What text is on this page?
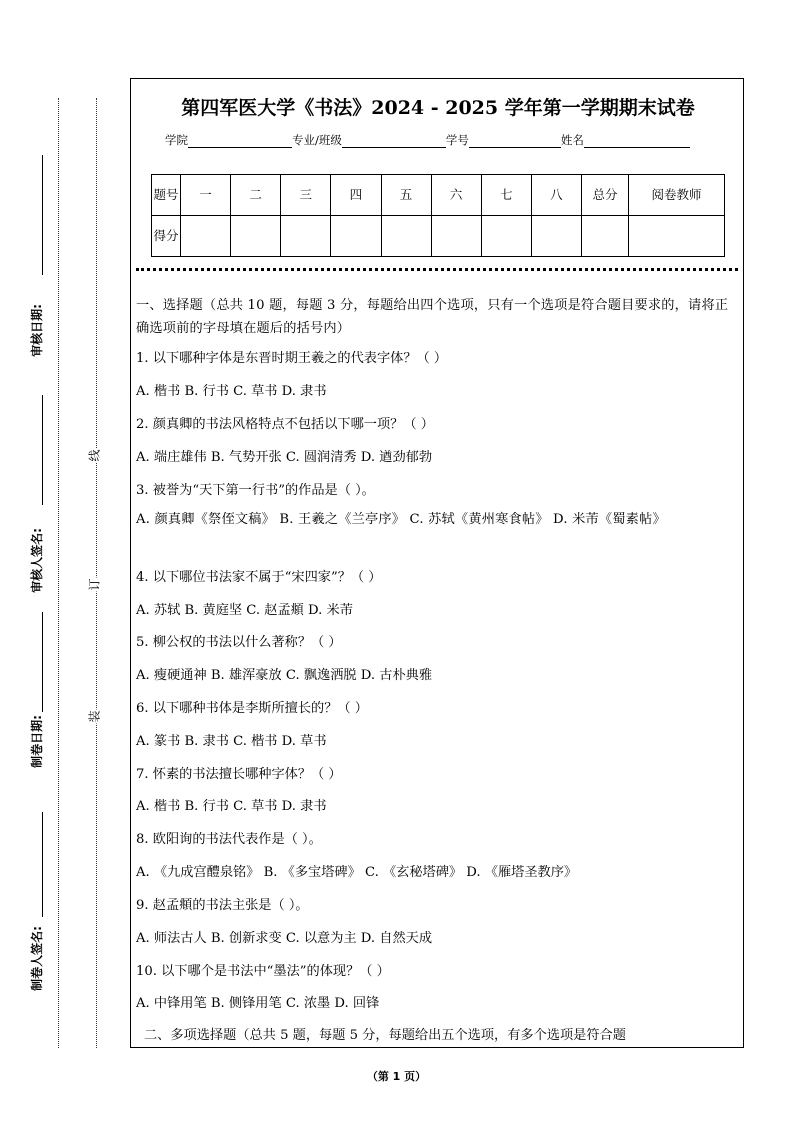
审核日期:
审核人签名:
制卷日期:
制卷人签名:
线
订
装
第四军医大学《书法》2024 - 2025 学年第一学期期末试卷
学院	专业/班级	学号	姓名
题号	一	二	三	四	五	六	七	八	总分	阅卷教师
得分										
一、选择题（总共 10 题，每题 3 分，每题给出四个选项，只有一个选项是符合题目要求的，请将正确选项前的字母填在题后的括号内）
1. 以下哪种字体是东晋时期王羲之的代表字体？（ ）
A. 楷书 B. 行书 C. 草书 D. 隶书
2. 颜真卿的书法风格特点不包括以下哪一项？（ ）
A. 端庄雄伟 B. 气势开张 C. 圆润清秀 D. 遒劲郁勃
3. 被誉为“天下第一行书”的作品是（ ）。
A. 颜真卿《祭侄文稿》 B. 王羲之《兰亭序》 C. 苏轼《黄州寒食帖》 D. 米芾《蜀素帖》
4. 以下哪位书法家不属于“宋四家”？（ ）
A. 苏轼 B. 黄庭坚 C. 赵孟頫 D. 米芾
5. 柳公权的书法以什么著称？（ ）
A. 瘦硬通神 B. 雄浑豪放 C. 飘逸洒脱 D. 古朴典雅
6. 以下哪种书体是李斯所擅长的？（ ）
A. 篆书 B. 隶书 C. 楷书 D. 草书
7. 怀素的书法擅长哪种字体？（ ）
A. 楷书 B. 行书 C. 草书 D. 隶书
8. 欧阳询的书法代表作是（ ）。
A. 《九成宫醴泉铭》 B. 《多宝塔碑》 C. 《玄秘塔碑》 D. 《雁塔圣教序》
9. 赵孟頫的书法主张是（ ）。
A. 师法古人 B. 创新求变 C. 以意为主 D. 自然天成
10. 以下哪个是书法中“墨法”的体现？（ ）
A. 中锋用笔 B. 侧锋用笔 C. 浓墨 D. 回锋
二、多项选择题（总共 5 题，每题 5 分，每题给出五个选项，有多个选项是符合题
（第 1 页）
